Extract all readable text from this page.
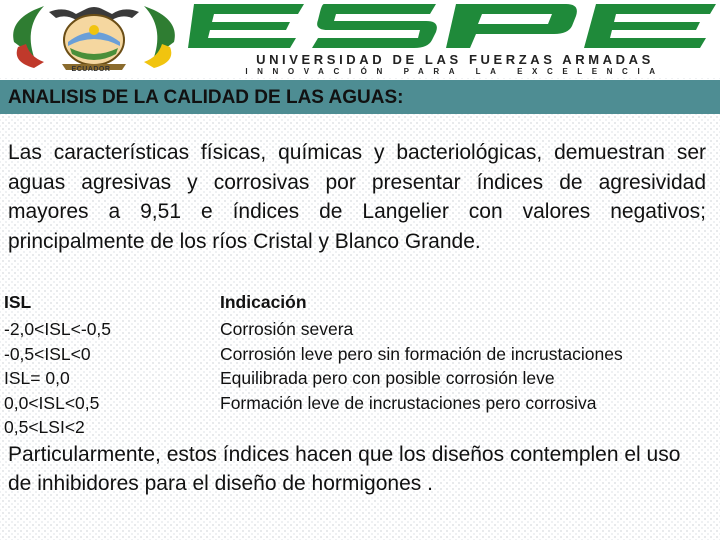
ECUADOR
UNIVERSIDAD DE LAS FUERZAS ARMADAS
INNOVACIÓN PARA LA EXCELENCIA
ANALISIS DE LA CALIDAD DE LAS AGUAS:

Las características físicas, químicas y bacteriológicas, demuestran ser aguas agresivas y corrosivas por presentar índices de agresividad mayores a 9,51 e índices de Langelier con valores negativos; principalmente de los ríos Cristal y Blanco Grande.

ISL	Indicación
-2,0<ISL<-0,5	Corrosión severa
-0,5<ISL<0	Corrosión leve pero sin formación de incrustaciones
ISL= 0,0	Equilibrada pero con posible corrosión leve
0,0<ISL<0,5	Formación leve de incrustaciones pero corrosiva
0,5<LSI<2	

Particularmente, estos índices hacen que los diseños contemplen el uso de inhibidores para el diseño de hormigones .
